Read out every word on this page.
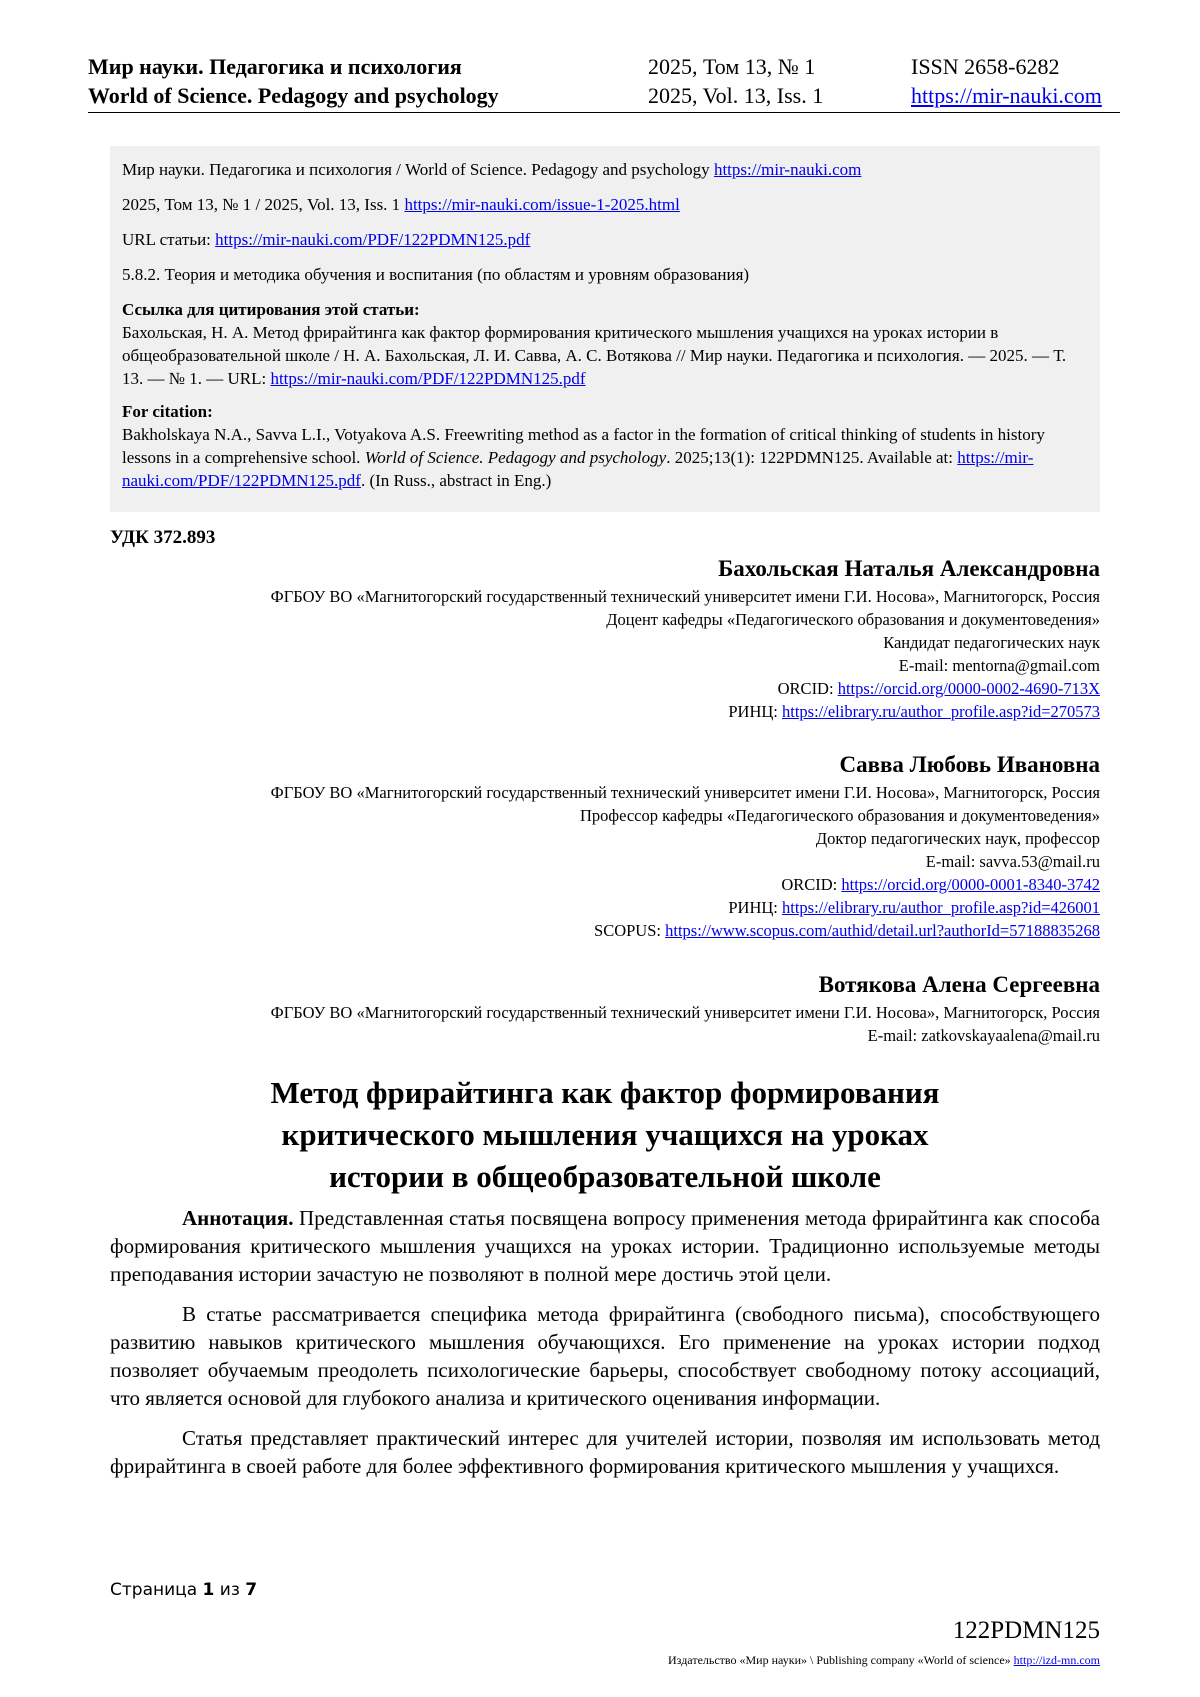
Мир науки. Педагогика и психология
World of Science. Pedagogy and psychology
2025, Том 13, № 1
2025, Vol. 13, Iss. 1
ISSN 2658-6282
https://mir-nauki.com

Мир науки. Педагогика и психология / World of Science. Pedagogy and psychology https://mir-nauki.com

2025, Том 13, № 1 / 2025, Vol. 13, Iss. 1 https://mir-nauki.com/issue-1-2025.html

URL статьи: https://mir-nauki.com/PDF/122PDMN125.pdf

5.8.2. Теория и методика обучения и воспитания (по областям и уровням образования)

Ссылка для цитирования этой статьи:

Бахольская, Н. А. Метод фрирайтинга как фактор формирования критического мышления учащихся на уроках истории в общеобразовательной школе / Н. А. Бахольская, Л. И. Савва, А. С. Вотякова // Мир науки. Педагогика и психология. — 2025. — Т. 13. — № 1. — URL: https://mir-nauki.com/PDF/122PDMN125.pdf

For citation:

Bakholskaya N.A., Savva L.I., Votyakova A.S. Freewriting method as a factor in the formation of critical thinking of students in history lessons in a comprehensive school. World of Science. Pedagogy and psychology. 2025;13(1): 122PDMN125. Available at: https://mir-nauki.com/PDF/122PDMN125.pdf. (In Russ., abstract in Eng.)

УДК 372.893
Бахольская Наталья Александровна
ФГБОУ ВО «Магнитогорский государственный технический университет имени Г.И. Носова», Магнитогорск, Россия
Доцент кафедры «Педагогического образования и документоведения»
Кандидат педагогических наук
E-mail: mentorna@gmail.com
ORCID: https://orcid.org/0000-0002-4690-713X
РИНЦ: https://elibrary.ru/author_profile.asp?id=270573
Савва Любовь Ивановна
ФГБОУ ВО «Магнитогорский государственный технический университет имени Г.И. Носова», Магнитогорск, Россия
Профессор кафедры «Педагогического образования и документоведения»
Доктор педагогических наук, профессор
E-mail: savva.53@mail.ru
ORCID: https://orcid.org/0000-0001-8340-3742
РИНЦ: https://elibrary.ru/author_profile.asp?id=426001
SCOPUS: https://www.scopus.com/authid/detail.url?authorId=57188835268
Вотякова Алена Сергеевна
ФГБОУ ВО «Магнитогорский государственный технический университет имени Г.И. Носова», Магнитогорск, Россия
E-mail: zatkovskayaalena@mail.ru
Метод фрирайтинга как фактор формирования
критического мышления учащихся на уроках
истории в общеобразовательной школе

Аннотация. Представленная статья посвящена вопросу применения метода фрирайтинга как способа формирования критического мышления учащихся на уроках истории. Традиционно используемые методы преподавания истории зачастую не позволяют в полной мере достичь этой цели.

В статье рассматривается специфика метода фрирайтинга (свободного письма), способствующего развитию навыков критического мышления обучающихся. Его применение на уроках истории подход позволяет обучаемым преодолеть психологические барьеры, способствует свободному потоку ассоциаций, что является основой для глубокого анализа и критического оценивания информации.

Статья представляет практический интерес для учителей истории, позволяя им использовать метод фрирайтинга в своей работе для более эффективного формирования критического мышления у учащихся.

Страница 1 из 7
122PDMN125
Издательство «Мир науки» \ Publishing company «World of science» http://izd-mn.com
